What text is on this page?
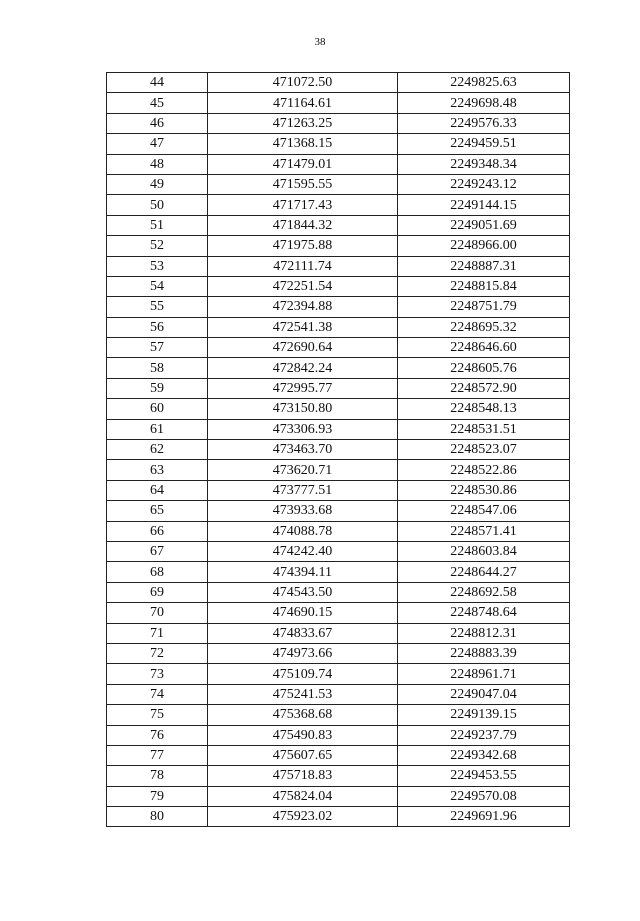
38
44	471072.50	2249825.63
45	471164.61	2249698.48
46	471263.25	2249576.33
47	471368.15	2249459.51
48	471479.01	2249348.34
49	471595.55	2249243.12
50	471717.43	2249144.15
51	471844.32	2249051.69
52	471975.88	2248966.00
53	472111.74	2248887.31
54	472251.54	2248815.84
55	472394.88	2248751.79
56	472541.38	2248695.32
57	472690.64	2248646.60
58	472842.24	2248605.76
59	472995.77	2248572.90
60	473150.80	2248548.13
61	473306.93	2248531.51
62	473463.70	2248523.07
63	473620.71	2248522.86
64	473777.51	2248530.86
65	473933.68	2248547.06
66	474088.78	2248571.41
67	474242.40	2248603.84
68	474394.11	2248644.27
69	474543.50	2248692.58
70	474690.15	2248748.64
71	474833.67	2248812.31
72	474973.66	2248883.39
73	475109.74	2248961.71
74	475241.53	2249047.04
75	475368.68	2249139.15
76	475490.83	2249237.79
77	475607.65	2249342.68
78	475718.83	2249453.55
79	475824.04	2249570.08
80	475923.02	2249691.96
